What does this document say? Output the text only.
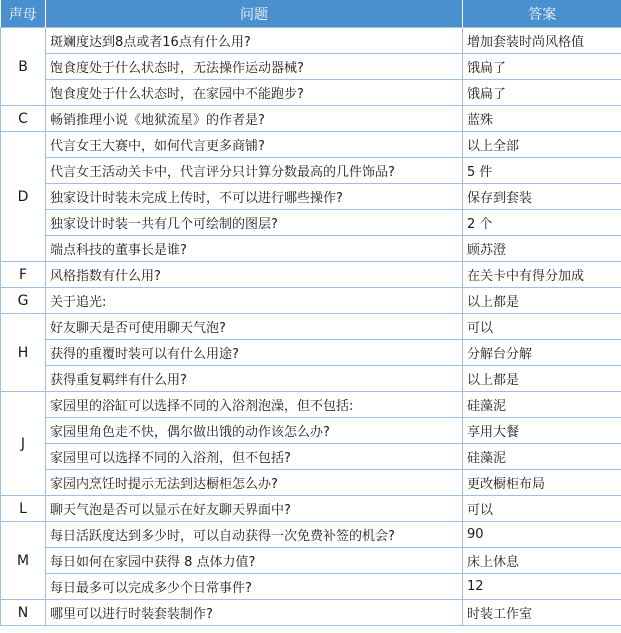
声母	问题	答案
B	斑斓度达到8点或者16点有什么用?	增加套装时尚风格值
	饱食度处于什么状态时，无法操作运动器械?	饿扁了
	饱食度处于什么状态时，在家园中不能跑步?	饿扁了
C	畅销推理小说《地狱流星》的作者是?	蓝殊
D	代言女王大赛中，如何代言更多商铺?	以上全部
	代言女王活动关卡中，代言评分只计算分数最高的几件饰品?	5 件
	独家设计时装未完成上传时，不可以进行哪些操作?	保存到套装
	独家设计时装一共有几个可绘制的图层?	2 个
	端点科技的董事长是谁?	顾苏澄
F	风格指数有什么用?	在关卡中有得分加成
G	关于追光:	以上都是
H	好友聊天是否可使用聊天气泡?	可以
	获得的重覆时装可以有什么用途?	分解台分解
	获得重复羁绊有什么用?	以上都是
J	家园里的浴缸可以选择不同的入浴剂泡澡，但不包括:	硅藻泥
	家园里角色走不快，偶尔做出饿的动作该怎么办?	享用大餐
	家园里可以选择不同的入浴剂，但不包括?	硅藻泥
	家园内烹饪时提示无法到达橱柜怎么办?	更改橱柜布局
L	聊天气泡是否可以显示在好友聊天界面中?	可以
M	每日活跃度达到多少时，可以自动获得一次免费补签的机会?	90
	每日如何在家园中获得 8 点体力值?	床上休息
	每日最多可以完成多少个日常事件?	12
N	哪里可以进行时装套装制作?	时装工作室
